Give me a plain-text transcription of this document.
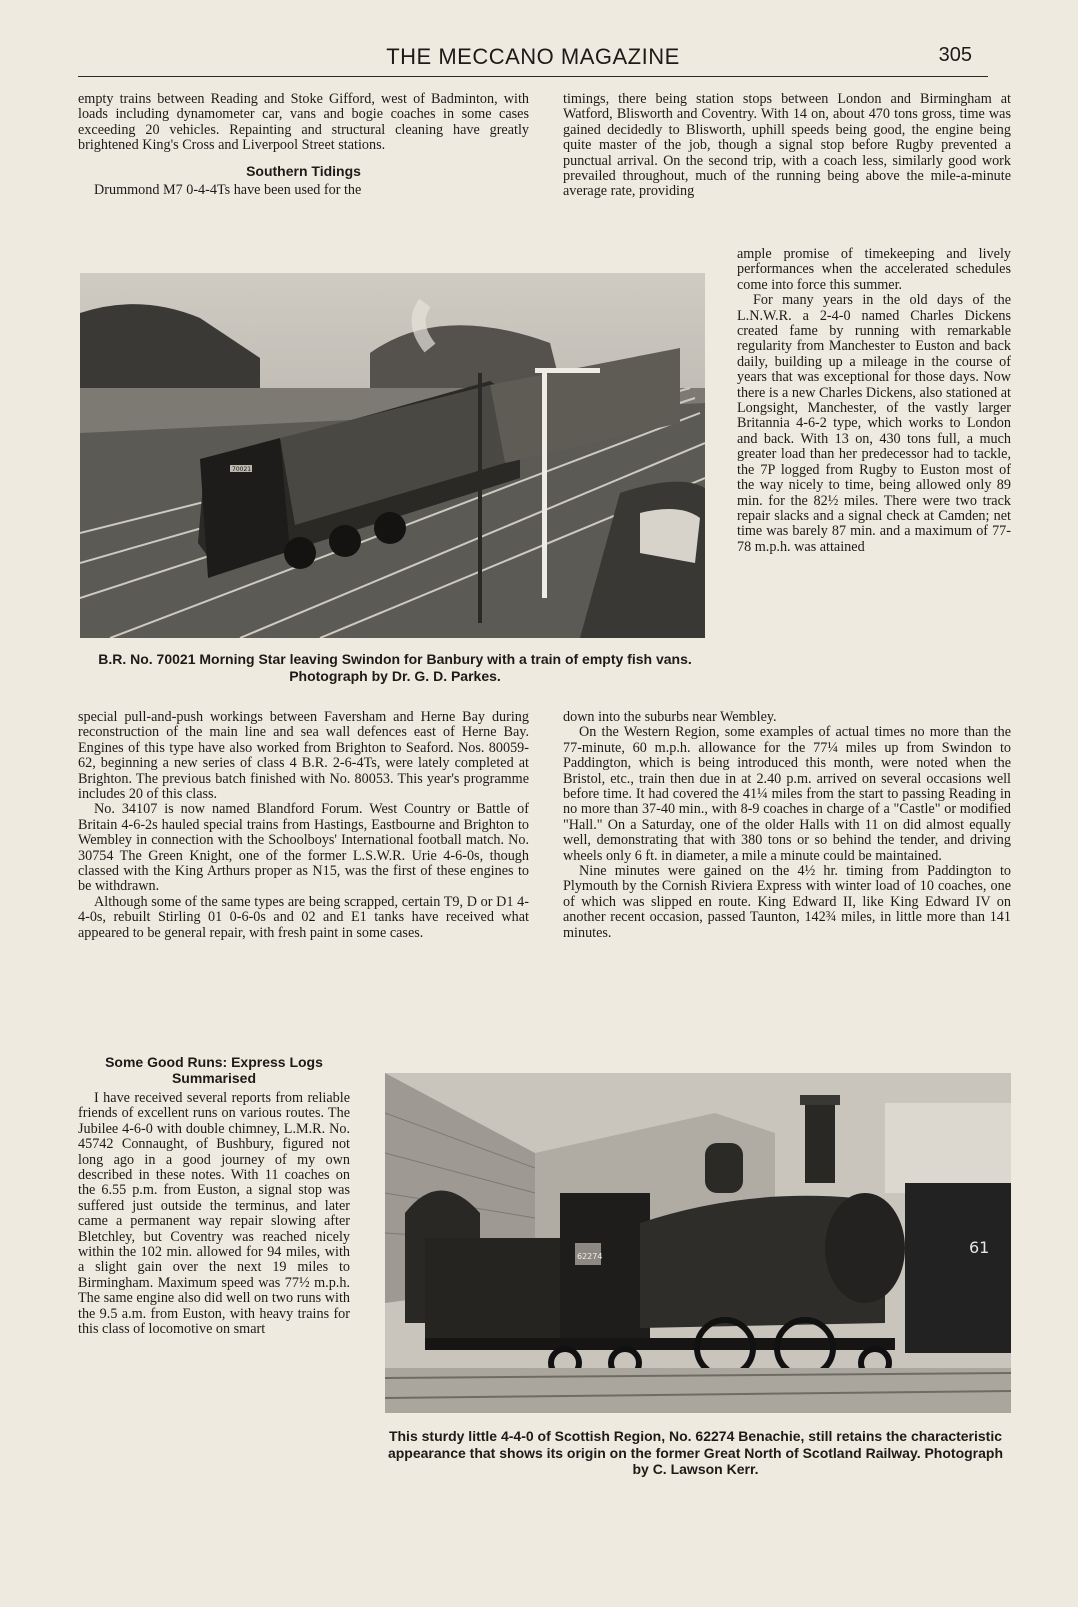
THE MECCANO MAGAZINE	305

empty trains between Reading and Stoke Gifford, west of Badminton, with loads including dynamometer car, vans and bogie coaches in some cases exceeding 20 vehicles. Repainting and structural cleaning have greatly brightened King's Cross and Liverpool Street stations.

Southern Tidings

Drummond M7 0-4-4Ts have been used for the

timings, there being station stops between London and Birmingham at Watford, Blisworth and Coventry. With 14 on, about 470 tons gross, time was gained decidedly to Blisworth, uphill speeds being good, the engine being quite master of the job, though a signal stop before Rugby prevented a punctual arrival. On the second trip, with a coach less, similarly good work prevailed throughout, much of the running being above the mile-a-minute average rate, providing

ample promise of timekeeping and lively performances when the accelerated schedules come into force this summer.

For many years in the old days of the L.N.W.R. a 2-4-0 named Charles Dickens created fame by running with remarkable regularity from Manchester to Euston and back daily, building up a mileage in the course of years that was exceptional for those days. Now there is a new Charles Dickens, also stationed at Longsight, Manchester, of the vastly larger Britannia 4-6-2 type, which works to London and back. With 13 on, 430 tons full, a much greater load than her predecessor had to tackle, the 7P logged from Rugby to Euston most of the way nicely to time, being allowed only 89 min. for the 82½ miles. There were two track repair slacks and a signal check at Camden; net time was barely 87 min. and a maximum of 77-78 m.p.h. was attained

70021
B.R. No. 70021 Morning Star leaving Swindon for Banbury with a train of empty fish vans. Photograph by Dr. G. D. Parkes.

special pull-and-push workings between Faversham and Herne Bay during reconstruction of the main line and sea wall defences east of Herne Bay. Engines of this type have also worked from Brighton to Seaford. Nos. 80059-62, beginning a new series of class 4 B.R. 2-6-4Ts, were lately completed at Brighton. The previous batch finished with No. 80053. This year's programme includes 20 of this class.

No. 34107 is now named Blandford Forum. West Country or Battle of Britain 4-6-2s hauled special trains from Hastings, Eastbourne and Brighton to Wembley in connection with the Schoolboys' International football match. No. 30754 The Green Knight, one of the former L.S.W.R. Urie 4-6-0s, though classed with the King Arthurs proper as N15, was the first of these engines to be withdrawn.

Although some of the same types are being scrapped, certain T9, D or D1 4-4-0s, rebuilt Stirling 01 0-6-0s and 02 and E1 tanks have received what appeared to be general repair, with fresh paint in some cases.

down into the suburbs near Wembley.

On the Western Region, some examples of actual times no more than the 77-minute, 60 m.p.h. allowance for the 77¼ miles up from Swindon to Paddington, which is being introduced this month, were noted when the Bristol, etc., train then due in at 2.40 p.m. arrived on several occasions well before time. It had covered the 41¼ miles from the start to passing Reading in no more than 37-40 min., with 8-9 coaches in charge of a "Castle" or modified "Hall." On a Saturday, one of the older Halls with 11 on did almost equally well, demonstrating that with 380 tons or so behind the tender, and driving wheels only 6 ft. in diameter, a mile a minute could be maintained.

Nine minutes were gained on the 4½ hr. timing from Paddington to Plymouth by the Cornish Riviera Express with winter load of 10 coaches, one of which was slipped en route. King Edward II, like King Edward IV on another recent occasion, passed Taunton, 142¾ miles, in little more than 141 minutes.

Some Good Runs: Express Logs Summarised

I have received several reports from reliable friends of excellent runs on various routes. The Jubilee 4-6-0 with double chimney, L.M.R. No. 45742 Connaught, of Bushbury, figured not long ago in a good journey of my own described in these notes. With 11 coaches on the 6.55 p.m. from Euston, a signal stop was suffered just outside the terminus, and later came a permanent way repair slowing after Bletchley, but Coventry was reached nicely within the 102 min. allowed for 94 miles, with a slight gain over the next 19 miles to Birmingham. Maximum speed was 77½ m.p.h. The same engine also did well on two runs with the 9.5 a.m. from Euston, with heavy trains for this class of locomotive on smart

62274	61
This sturdy little 4-4-0 of Scottish Region, No. 62274 Benachie, still retains the characteristic appearance that shows its origin on the former Great North of Scotland Railway. Photograph by C. Lawson Kerr.
